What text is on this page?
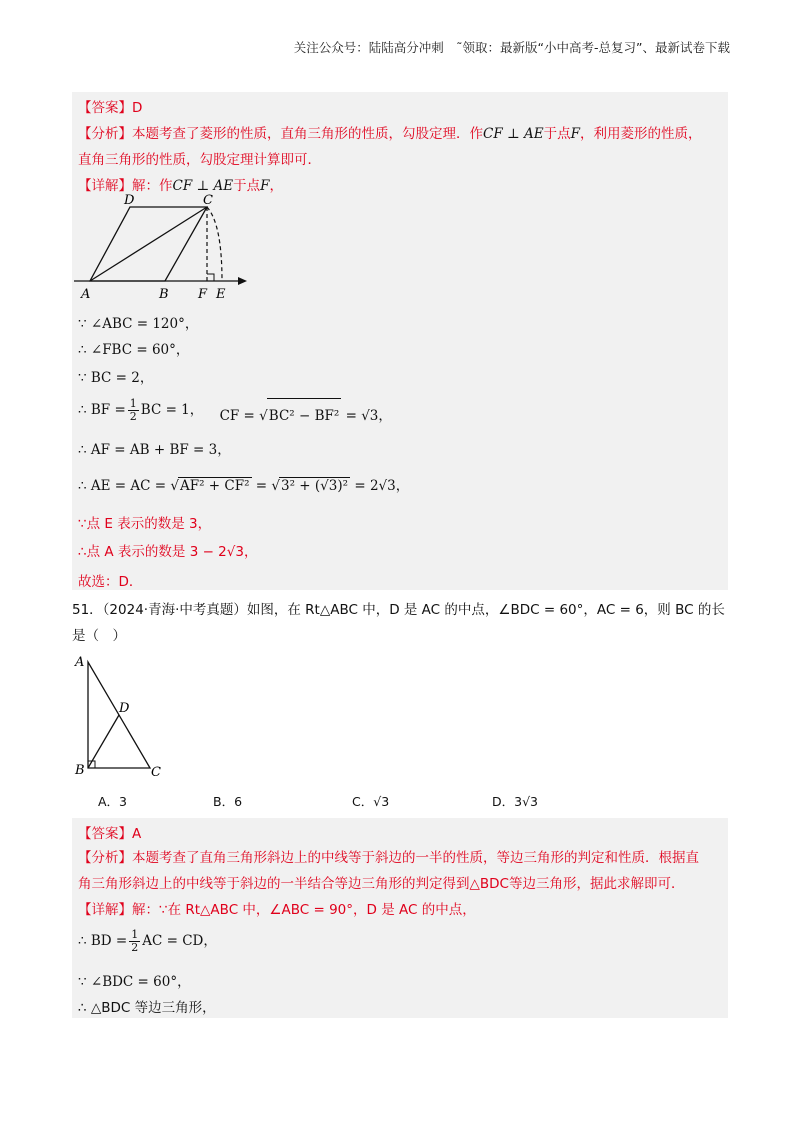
关注公众号：陆陆高分冲刺　˜领取：最新版“小中高考-总复习”、最新试卷下载
【答案】D
【分析】本题考查了菱形的性质，直角三角形的性质，勾股定理．作CF ⊥ AE于点F，利用菱形的性质，
直角三角形的性质，勾股定理计算即可．
【详解】解：作CF ⊥ AE于点F，
D	C
A	B F E
∵ ∠ABC = 120°，
∴ ∠FBC = 60°，
∵ BC = 2，
∴ BF = $\frac{1}{2}$ BC = 1， CF = √BC² − BF² = √3，
∴ AF = AB + BF = 3，
∴ AE = AC = √AF² + CF² = √3² + (√3)² = 2√3，
∵点 E 表示的数是 3，
∴点 A 表示的数是 3 − 2√3，
故选：D．
51．（2024·青海·中考真题）如图，在 Rt△ABC 中，D 是 AC 的中点，∠BDC = 60°，AC = 6，则 BC 的长
是（　）
A
D
B	C
A．3	B．6	C．√3	D．3√3
【答案】A
【分析】本题考查了直角三角形斜边上的中线等于斜边的一半的性质，等边三角形的判定和性质．根据直
角三角形斜边上的中线等于斜边的一半结合等边三角形的判定得到△BDC等边三角形，据此求解即可．
【详解】解：∵在 Rt△ABC 中，∠ABC = 90°，D 是 AC 的中点，
∴ BD = $\frac{1}{2}$ AC = CD，
∵ ∠BDC = 60°，
∴ △BDC 等边三角形，
